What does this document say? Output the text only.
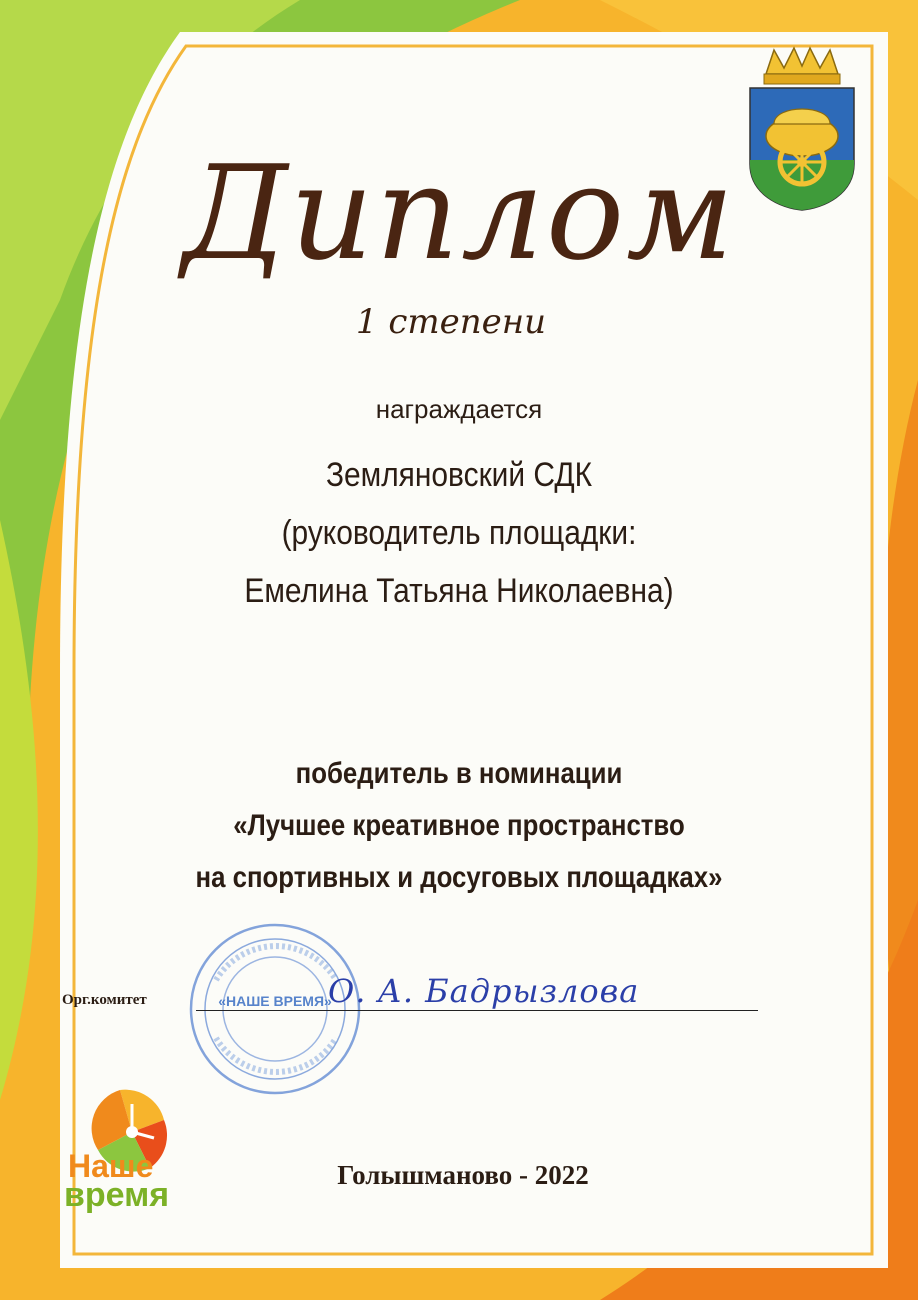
Диплом
1 степени
награждается
Земляновский СДК
(руководитель площадки:
Емелина Татьяна Николаевна)
победитель в номинации
«Лучшее креативное пространство
на спортивных и досуговых площадках»
«НАШЕ ВРЕМЯ»
Орг.комитет	О. А. Бадрызлова
Наше
время
Голышманово - 2022
